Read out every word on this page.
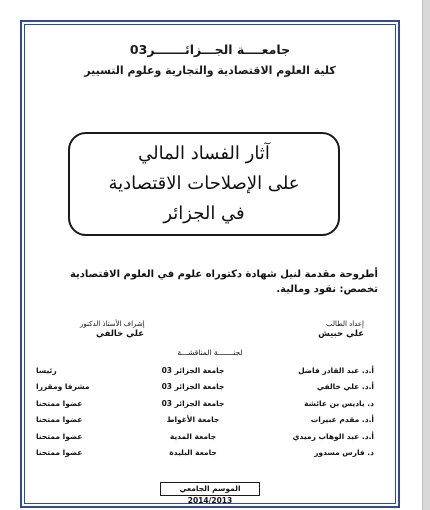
جامعــــة الجـــزائـــــــر03
كلية العلوم الاقتصادية والتجارية وعلوم التسيير
آثار الفساد المالي
على الإصلاحات الاقتصادية
في الجزائر
أطروحة مقدمة لنيل شهادة دكتوراه علوم في العلوم الاقتصادية
تخصص: نقود ومالية.
إعداد الطالب
علي حبيش
إشراف الأستاذ الدكتور
علي خالفي
لجنـــــــة المناقشـــة
أ.د. عبد القادر فاضل	جامعة الجزائر 03	رئيسا
أ.د. علي خالفي	جامعة الجزائر 03	مشرفا ومقررا
د. باديس بن عائشة	جامعة الجزائر 03	عضوا ممتحنا
أ.د. مقدم عبيرات	جامعة الأغواط	عضوا ممتحنا
أ.د. عبد الوهاب رميدي	جامعة المدية	عضوا ممتحنا
د. فارس مسدور	جامعة البليدة	عضوا ممتحنا
الموسم الجامعي 2014/2013
